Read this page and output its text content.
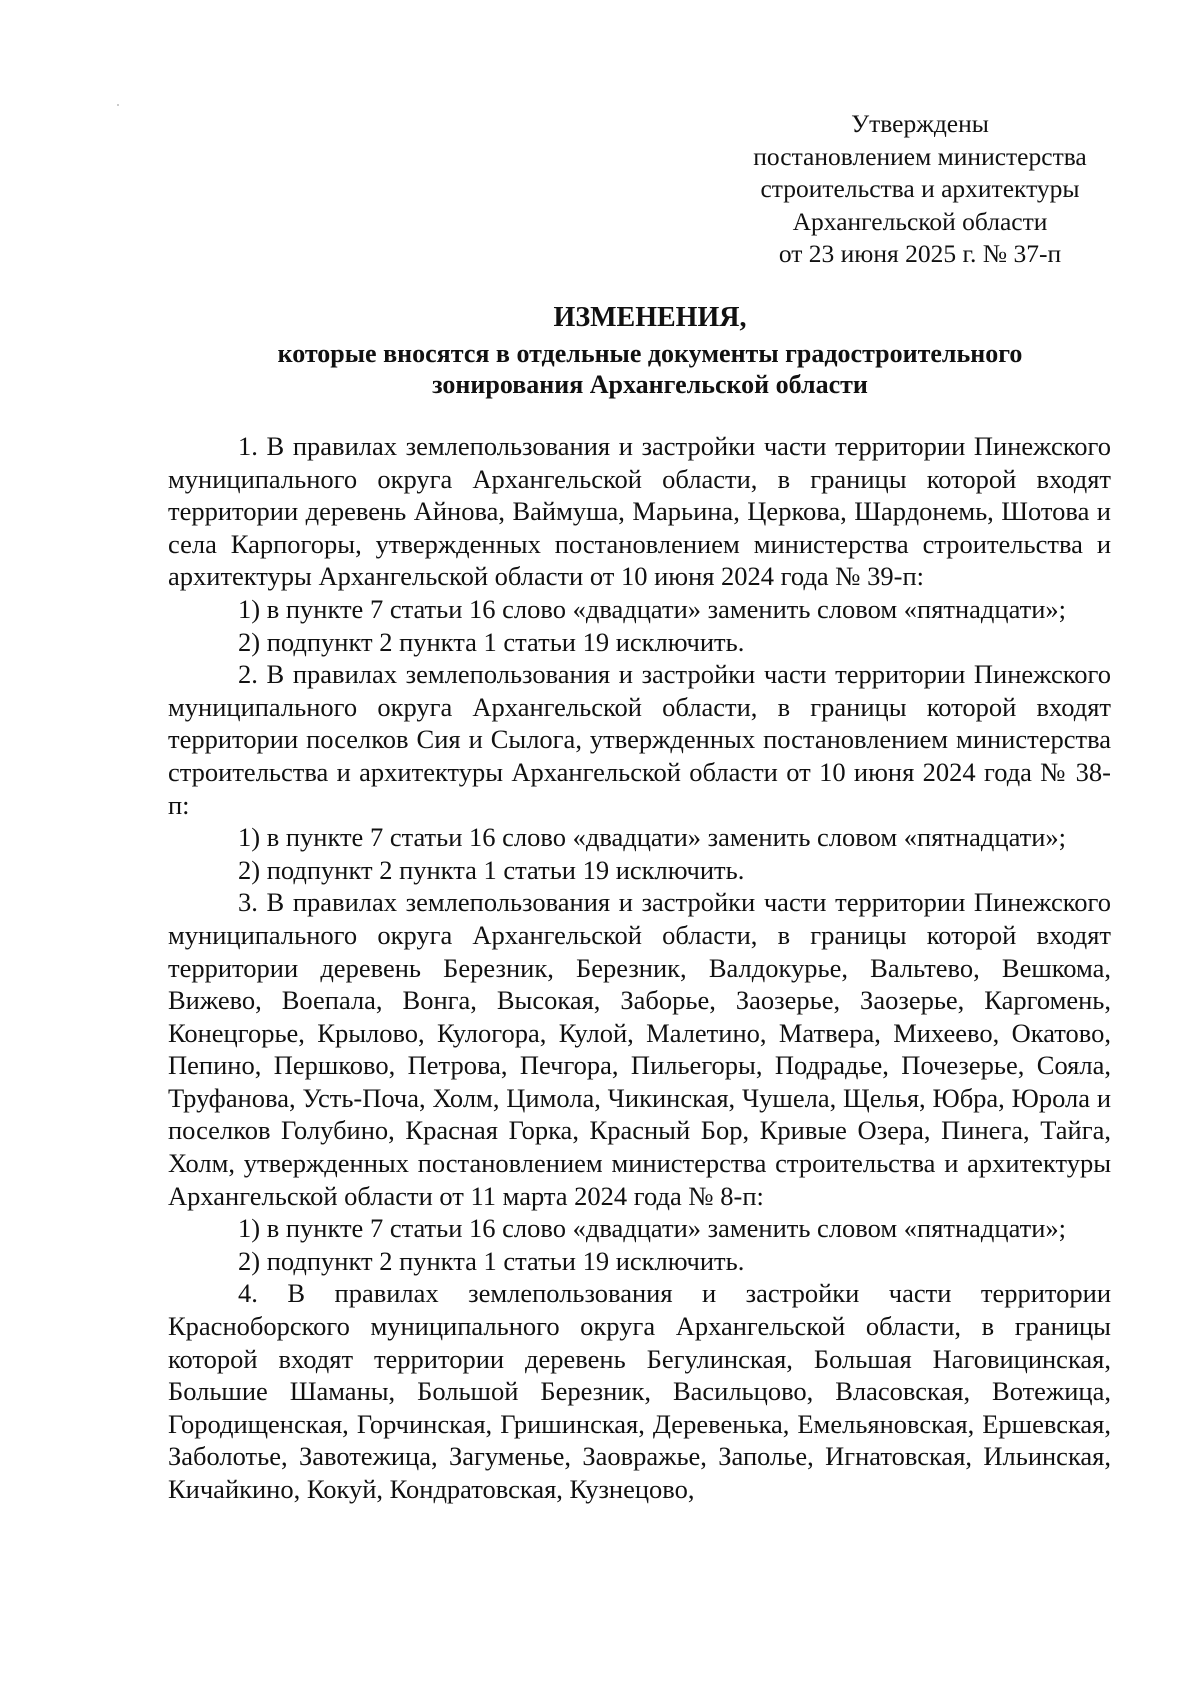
Утверждены
постановлением министерства
строительства и архитектуры
Архангельской области
от 23 июня 2025 г. № 37-п
ИЗМЕНЕНИЯ,
которые вносятся в отдельные документы градостроительного
зонирования Архангельской области

1. В правилах землепользования и застройки части территории Пинежского муниципального округа Архангельской области, в границы которой входят территории деревень Айнова, Ваймуша, Марьина, Церкова, Шардонемь, Шотова и села Карпогоры, утвержденных постановлением министерства строительства и архитектуры Архангельской области от 10 июня 2024 года № 39-п:

1) в пункте 7 статьи 16 слово «двадцати» заменить словом «пятнадцати»;

2) подпункт 2 пункта 1 статьи 19 исключить.

2. В правилах землепользования и застройки части территории Пинежского муниципального округа Архангельской области, в границы которой входят территории поселков Сия и Сылога, утвержденных постановлением министерства строительства и архитектуры Архангельской области от 10 июня 2024 года № 38-п:

1) в пункте 7 статьи 16 слово «двадцати» заменить словом «пятнадцати»;

2) подпункт 2 пункта 1 статьи 19 исключить.

3. В правилах землепользования и застройки части территории Пинежского муниципального округа Архангельской области, в границы которой входят территории деревень Березник, Березник, Валдокурье, Вальтево, Вешкома, Вижево, Воепала, Вонга, Высокая, Заборье, Заозерье, Заозерье, Каргомень, Конецгорье, Крылово, Кулогора, Кулой, Малетино, Матвера, Михеево, Окатово, Пепино, Першково, Петрова, Печгора, Пильегоры, Подрадье, Почезерье, Сояла, Труфанова, Усть-Поча, Холм, Цимола, Чикинская, Чушела, Щелья, Юбра, Юрола и поселков Голубино, Красная Горка, Красный Бор, Кривые Озера, Пинега, Тайга, Холм, утвержденных постановлением министерства строительства и архитектуры Архангельской области от 11 марта 2024 года № 8-п:

1) в пункте 7 статьи 16 слово «двадцати» заменить словом «пятнадцати»;

2) подпункт 2 пункта 1 статьи 19 исключить.

4. В правилах землепользования и застройки части территории Красноборского муниципального округа Архангельской области, в границы которой входят территории деревень Бегулинская, Большая Наговицинская, Большие Шаманы, Большой Березник, Васильцово, Власовская, Вотежица, Городищенская, Горчинская, Гришинская, Деревенька, Емельяновская, Ершевская, Заболотье, Завотежица, Загуменье, Заовражье, Заполье, Игнатовская, Ильинская, Кичайкино, Кокуй, Кондратовская, Кузнецово,
